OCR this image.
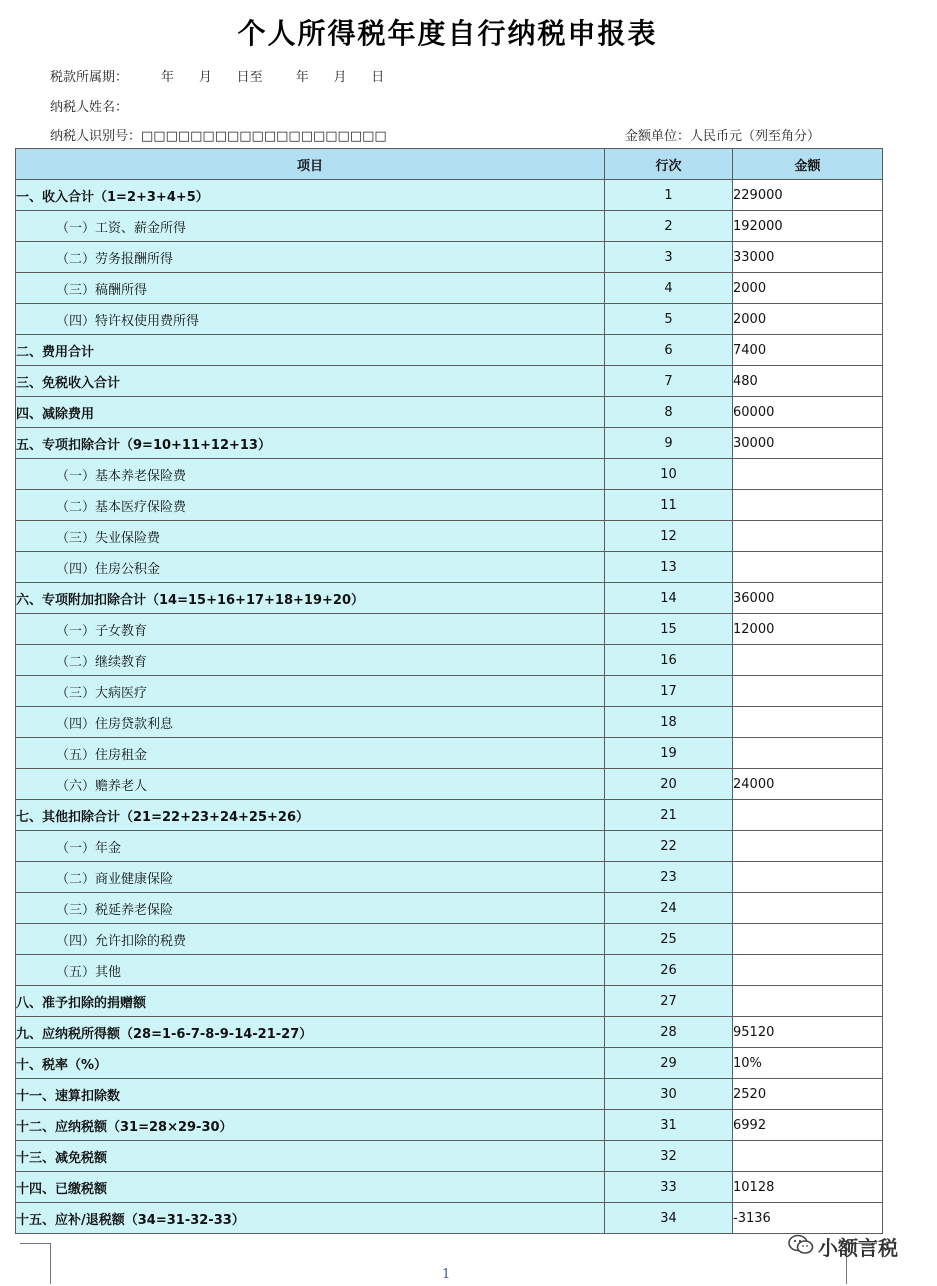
个人所得税年度自行纳税申报表
税款所属期：        年      月      日至        年      月      日
纳税人姓名：
纳税人识别号：□□□□□□□□□□□□□□□□□□□□	金额单位：人民币元（列至角分）
项目	行次	金额
一、收入合计（1=2+3+4+5）	1	229000
（一）工资、薪金所得	2	192000
（二）劳务报酬所得	3	33000
（三）稿酬所得	4	2000
（四）特许权使用费所得	5	2000
二、费用合计	6	7400
三、免税收入合计	7	480
四、减除费用	8	60000
五、专项扣除合计（9=10+11+12+13）	9	30000
（一）基本养老保险费	10	
（二）基本医疗保险费	11	
（三）失业保险费	12	
（四）住房公积金	13	
六、专项附加扣除合计（14=15+16+17+18+19+20）	14	36000
（一）子女教育	15	12000
（二）继续教育	16	
（三）大病医疗	17	
（四）住房贷款利息	18	
（五）住房租金	19	
（六）赡养老人	20	24000
七、其他扣除合计（21=22+23+24+25+26）	21	
（一）年金	22	
（二）商业健康保险	23	
（三）税延养老保险	24	
（四）允许扣除的税费	25	
（五）其他	26	
八、准予扣除的捐赠额	27	
九、应纳税所得额（28=1-6-7-8-9-14-21-27）	28	95120
十、税率（%）	29	10%
十一、速算扣除数	30	2520
十二、应纳税额（31=28×29-30）	31	6992
十三、减免税额	32	
十四、已缴税额	33	10128
十五、应补/退税额（34=31-32-33）	34	-3136
1
小额言税
